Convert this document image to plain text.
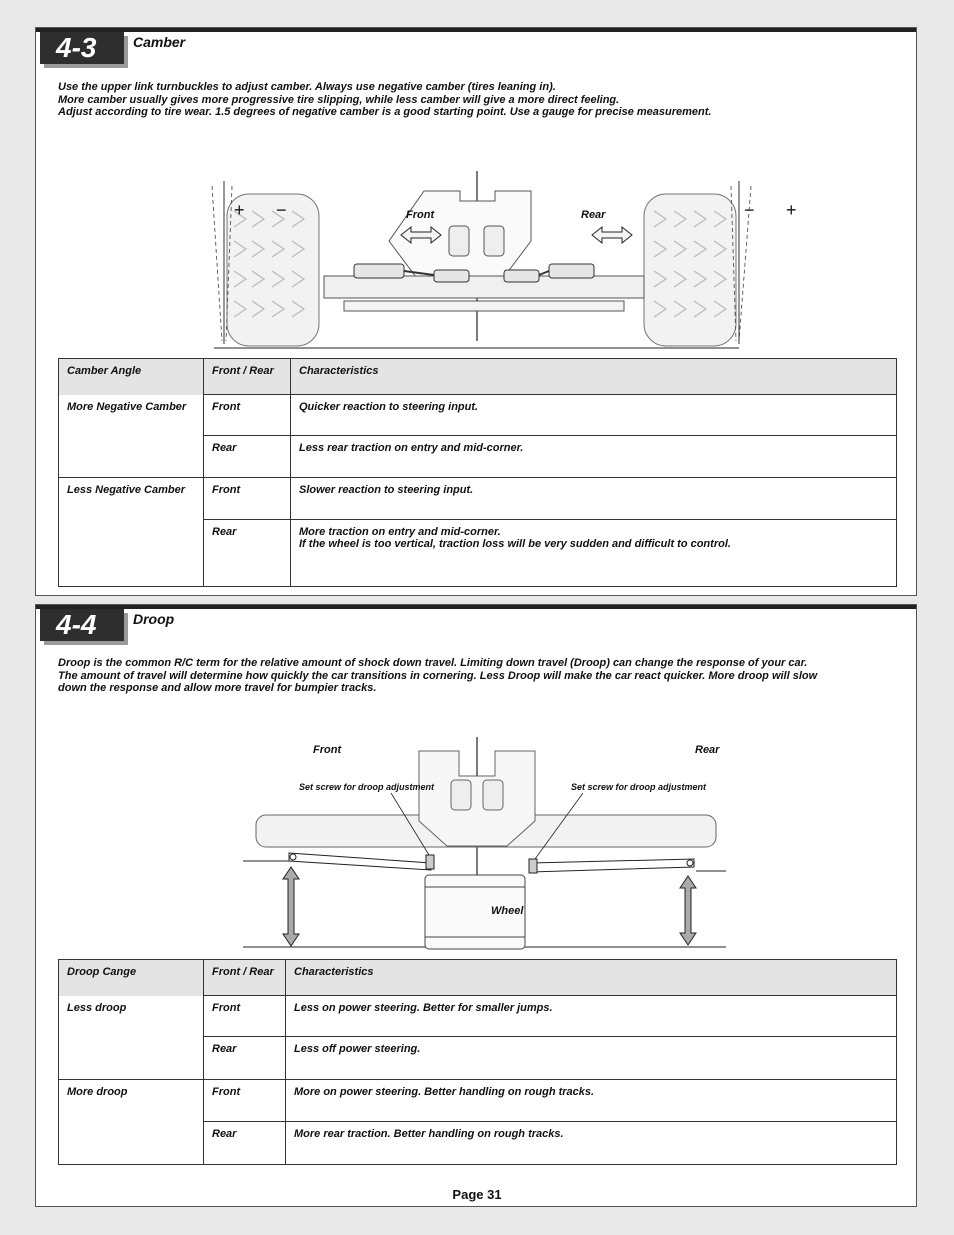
4-3	Camber

Use the upper link turnbuckles to adjust camber. Always use negative camber (tires leaning in).

More camber usually gives more progressive tire slipping, while less camber will give a more direct feeling.

Adjust according to tire wear. 1.5 degrees of negative camber is a good starting point. Use a gauge for precise measurement.

Front	Rear
+ −	− +
Camber Angle	Front / Rear	Characteristics
More Negative Camber	Front	Quicker reaction to steering input.
	Rear	Less rear traction on entry and mid-corner.
Less Negative Camber	Front	Slower reaction to steering input.
	Rear	More traction on entry and mid-corner.
If the wheel is too vertical, traction loss will be very sudden and difficult to control.
4-4	Droop

Droop is the common R/C term for the relative amount of shock down travel. Limiting down travel (Droop) can change the response of your car.

The amount of travel will determine how quickly the car transitions in cornering. Less Droop will make the car react quicker. More droop will slow

down the response and allow more travel for bumpier tracks.

Front	Rear
Set screw for droop adjustment	Set screw for droop adjustment
Wheel
Droop Cange	Front / Rear	Characteristics
Less droop	Front	Less on power steering. Better for smaller jumps.
	Rear	Less off power steering.
More droop	Front	More on power steering. Better handling on rough tracks.
	Rear	More rear traction. Better handling on rough tracks.
Page 31
